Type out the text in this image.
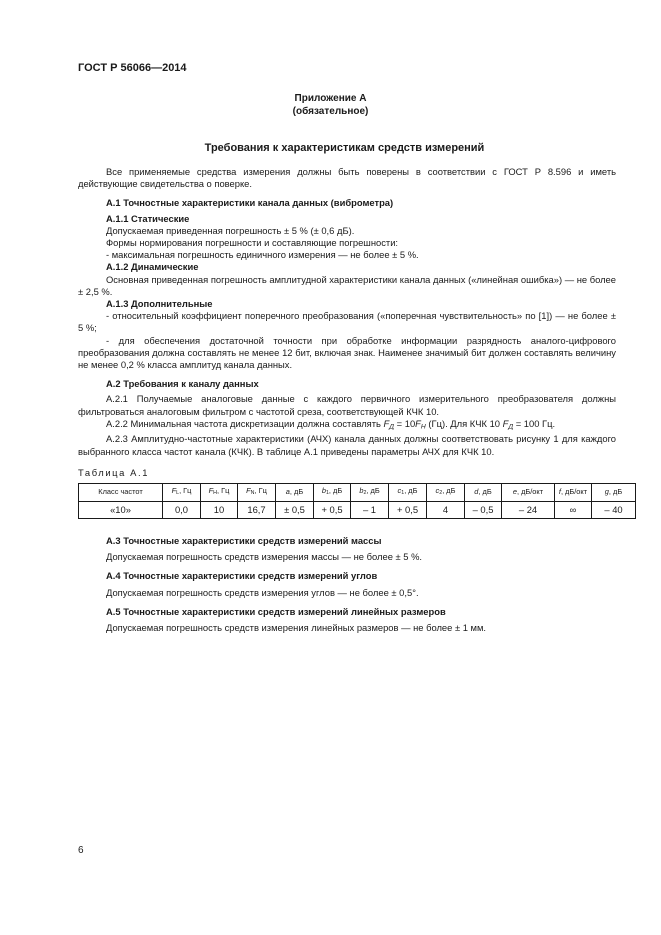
ГОСТ Р 56066—2014
Приложение А
(обязательное)
Требования к характеристикам средств измерений

Все применяемые средства измерения должны быть поверены в соответствии с ГОСТ Р 8.596 и иметь действующие свидетельства о поверке.

А.1 Точностные характеристики канала данных (виброметра)

А.1.1 Статические

Допускаемая приведенная погрешность ± 5 % (± 0,6 дБ).

Формы нормирования погрешности и составляющие погрешности:

- максимальная погрешность единичного измерения — не более ± 5 %.

А.1.2 Динамические

Основная приведенная погрешность амплитудной характеристики канала данных («линейная ошибка») — не более ± 2,5 %.

А.1.3 Дополнительные

- относительный коэффициент поперечного преобразования («поперечная чувствительность» по [1]) — не более ± 5 %;

- для обеспечения достаточной точности при обработке информации разрядность аналого-цифрового преобразования должна составлять не менее 12 бит, включая знак. Наименее значимый бит должен составлять величину не менее 0,2 % класса амплитуд канала данных.

А.2 Требования к каналу данных

А.2.1 Получаемые аналоговые данные с каждого первичного измерительного преобразователя должны фильтроваться аналоговым фильтром с частотой среза, соответствующей КЧК 10.

А.2.2 Минимальная частота дискретизации должна составлять FД = 10FH (Гц). Для КЧК 10 FД = 100 Гц.

А.2.3 Амплитудно-частотные характеристики (АЧХ) канала данных должны соответствовать рисунку 1 для каждого выбранного класса частот канала (КЧК). В таблице А.1 приведены параметры АЧХ для КЧК 10.

Таблица А.1

Класс частот	$F_L$, Гц	$F_H$, Гц	$F_N$, Гц	a, дБ	$b_1$, дБ	$b_2$, дБ	$c_1$, дБ	$c_2$, дБ	d, дБ	e, дБ/окт	f, дБ/окт	g, дБ
«10»	0,0	10	16,7	± 0,5	+ 0,5	– 1	+ 0,5	4	– 0,5	– 24	∞	– 40

А.3 Точностные характеристики средств измерений массы

Допускаемая погрешность средств измерения массы — не более ± 5 %.

А.4 Точностные характеристики средств измерений углов

Допускаемая погрешность средств измерения углов — не более ± 0,5°.

А.5 Точностные характеристики средств измерений линейных размеров

Допускаемая погрешность средств измерения линейных размеров — не более ± 1 мм.

6
